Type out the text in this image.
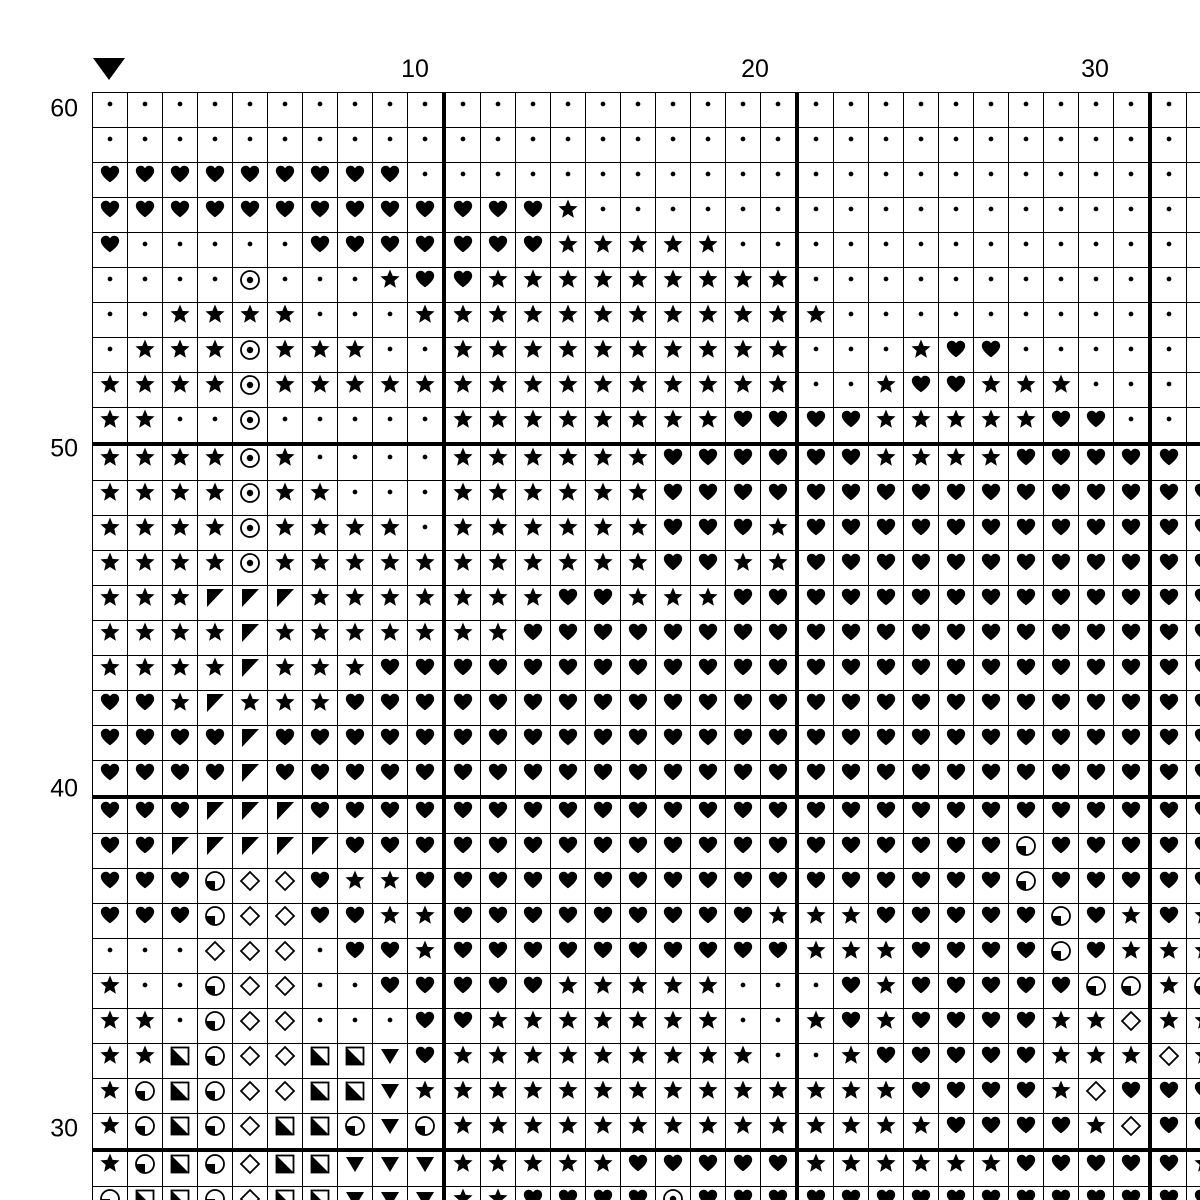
10	20	30
60
50
40
30
